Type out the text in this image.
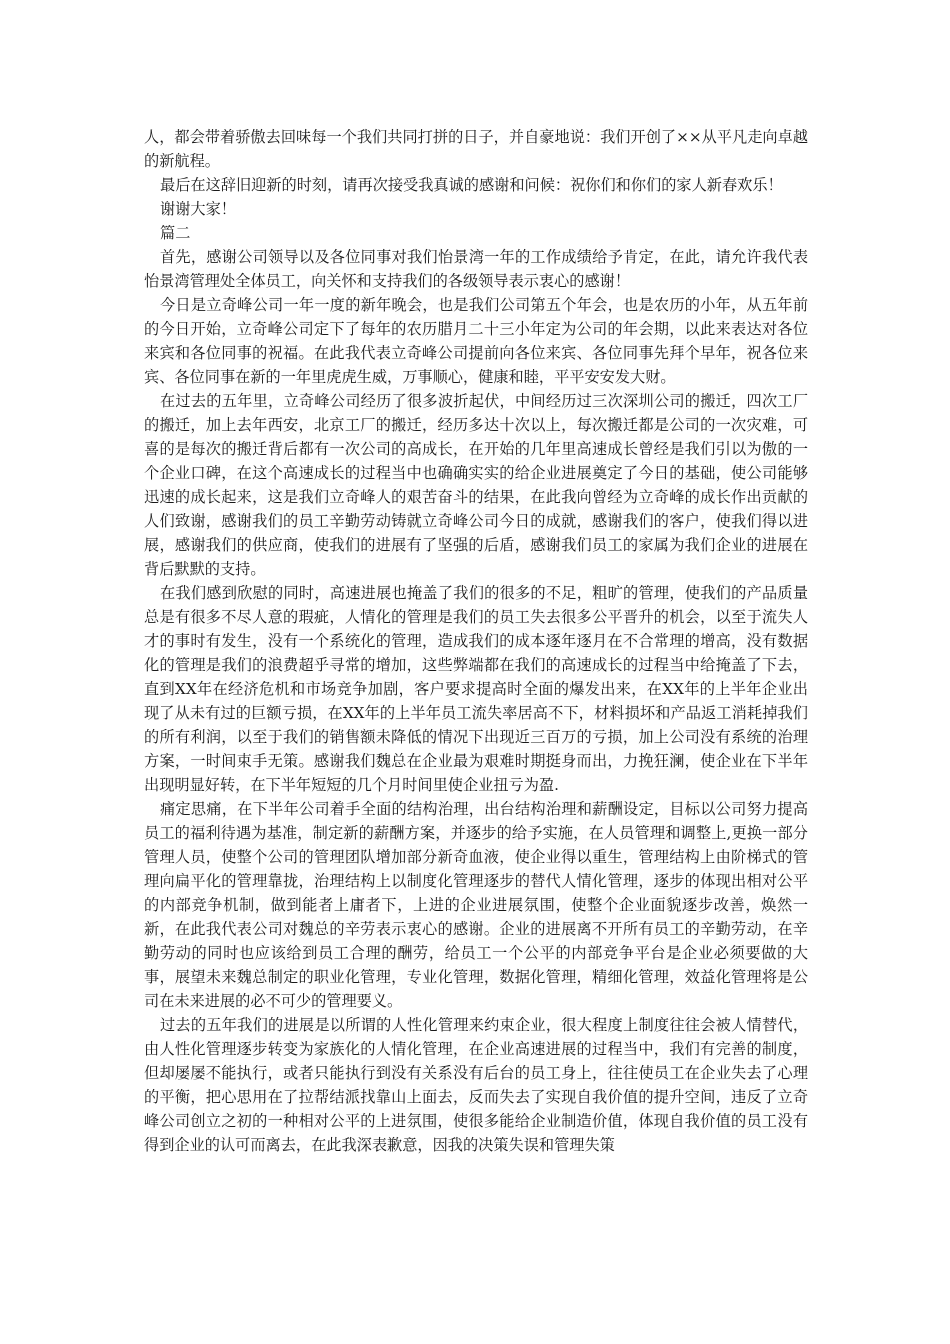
人，都会带着骄傲去回味每一个我们共同打拼的日子，并自豪地说：我们开创了××从平凡走向卓越的新航程。

最后在这辞旧迎新的时刻，请再次接受我真诚的感谢和问候：祝你们和你们的家人新春欢乐！

谢谢大家！

篇二

首先，感谢公司领导以及各位同事对我们怡景湾一年的工作成绩给予肯定，在此，请允许我代表怡景湾管理处全体员工，向关怀和支持我们的各级领导表示衷心的感谢！

今日是立奇峰公司一年一度的新年晚会，也是我们公司第五个年会，也是农历的小年，从五年前的今日开始，立奇峰公司定下了每年的农历腊月二十三小年定为公司的年会期，以此来表达对各位来宾和各位同事的祝福。在此我代表立奇峰公司提前向各位来宾、各位同事先拜个早年，祝各位来宾、各位同事在新的一年里虎虎生威，万事顺心，健康和睦，平平安安发大财。

在过去的五年里，立奇峰公司经历了很多波折起伏，中间经历过三次深圳公司的搬迁，四次工厂的搬迁，加上去年西安，北京工厂的搬迁，经历多达十次以上，每次搬迁都是公司的一次灾难，可喜的是每次的搬迁背后都有一次公司的高成长，在开始的几年里高速成长曾经是我们引以为傲的一个企业口碑，在这个高速成长的过程当中也确确实实的给企业进展奠定了今日的基础，使公司能够迅速的成长起来，这是我们立奇峰人的艰苦奋斗的结果，在此我向曾经为立奇峰的成长作出贡献的人们致谢，感谢我们的员工辛勤劳动铸就立奇峰公司今日的成就，感谢我们的客户，使我们得以进展，感谢我们的供应商，使我们的进展有了坚强的后盾，感谢我们员工的家属为我们企业的进展在背后默默的支持。

在我们感到欣慰的同时，高速进展也掩盖了我们的很多的不足，粗旷的管理，使我们的产品质量总是有很多不尽人意的瑕疵，人情化的管理是我们的员工失去很多公平晋升的机会，以至于流失人才的事时有发生，没有一个系统化的管理，造成我们的成本逐年逐月在不合常理的增高，没有数据化的管理是我们的浪费超乎寻常的增加，这些弊端都在我们的高速成长的过程当中给掩盖了下去，直到XX年在经济危机和市场竞争加剧，客户要求提高时全面的爆发出来，在XX年的上半年企业出现了从未有过的巨额亏损，在XX年的上半年员工流失率居高不下，材料损坏和产品返工消耗掉我们的所有利润，以至于我们的销售额未降低的情况下出现近三百万的亏损，加上公司没有系统的治理方案，一时间束手无策。感谢我们魏总在企业最为艰难时期挺身而出，力挽狂澜，使企业在下半年出现明显好转，在下半年短短的几个月时间里使企业扭亏为盈.

痛定思痛，在下半年公司着手全面的结构治理，出台结构治理和薪酬设定，目标以公司努力提高员工的福利待遇为基准，制定新的薪酬方案，并逐步的给予实施，在人员管理和调整上,更换一部分管理人员，使整个公司的管理团队增加部分新奇血液，使企业得以重生，管理结构上由阶梯式的管理向扁平化的管理靠拢，治理结构上以制度化管理逐步的替代人情化管理，逐步的体现出相对公平的内部竞争机制，做到能者上庸者下，上进的企业进展氛围，使整个企业面貌逐步改善，焕然一新，在此我代表公司对魏总的辛劳表示衷心的感谢。企业的进展离不开所有员工的辛勤劳动，在辛勤劳动的同时也应该给到员工合理的酬劳，给员工一个公平的内部竞争平台是企业必须要做的大事，展望未来魏总制定的职业化管理，专业化管理，数据化管理，精细化管理，效益化管理将是公司在未来进展的必不可少的管理要义。

过去的五年我们的进展是以所谓的人性化管理来约束企业，很大程度上制度往往会被人情替代，由人性化管理逐步转变为家族化的人情化管理，在企业高速进展的过程当中，我们有完善的制度，但却屡屡不能执行，或者只能执行到没有关系没有后台的员工身上，往往使员工在企业失去了心理的平衡，把心思用在了拉帮结派找靠山上面去，反而失去了实现自我价值的提升空间，违反了立奇峰公司创立之初的一种相对公平的上进氛围，使很多能给企业制造价值，体现自我价值的员工没有得到企业的认可而离去，在此我深表歉意，因我的决策失误和管理失策
